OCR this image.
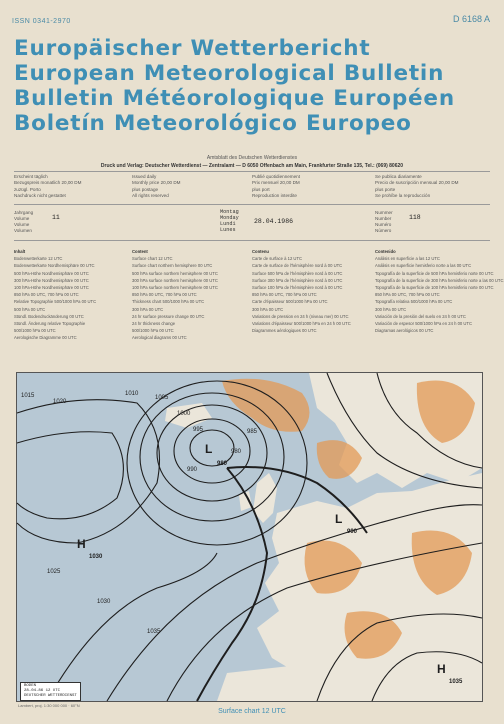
ISSN 0341-2970	D 6168 A
Europäischer Wetterbericht
European Meteorological Bulletin
Bulletin Météorologique Européen
Boletín Meteorológico Europeo
Amtsblatt des Deutschen Wetterdienstes
Druck und Verlag: Deutscher Wetterdienst — Zentralamt — D 6050 Offenbach am Main, Frankfurter Straße 135, Tel.: (069) 80620
Erscheint täglich
Bezugspreis monatlich 20,00 DM
zuzügl. Porto
Nachdruck nicht gestattet
Issued daily
Monthly price 20,00 DM
plus postage
All rights reserved
Publié quotidiennement
Prix mensuel 20,00 DM
plus port
Reproduction interdite
Se publica diariamente
Precio de suscripción mensual 20,00 DM
plus porte
Se prohíbe la reproducción
Jahrgang
Volume
Volume
Volumen
11
Montag
Monday
Lundi
Lunes
28.04.1986
Nummer
Number
Numéro
Número
118
Inhalt
Bodenwetterkarte 12 UTC
Bodenwetterkarte Nordhemisphäre 00 UTC
500 hPa-Höhe Nordhemisphäre 00 UTC
300 hPa-Höhe Nordhemisphäre 00 UTC
100 hPa-Höhe Nordhemisphäre 00 UTC
850 hPa 00 UTC, 700 hPa 00 UTC
Relative Topographie 500/1000 hPa 00 UTC
500 hPa 00 UTC
Stündl. Bodendruckänderung 00 UTC
Stündl. Änderung relative Topographie
500/1000 hPa 00 UTC
Aerologische Diagramme 00 UTC
Content
Surface chart 12 UTC
Surface chart northern hemisphere 00 UTC
500 hPa surface northern hemisphere 00 UTC
300 hPa surface northern hemisphere 00 UTC
100 hPa surface northern hemisphere 00 UTC
850 hPa 00 UTC, 700 hPa 00 UTC
Thickness chart 500/1000 hPa 00 UTC
300 hPa 00 UTC
24 hr surface pressure change 00 UTC
24 hr thickness change
500/1000 hPa 00 UTC
Aerological diagrams 00 UTC
Contenu
Carte de surface à 12 UTC
Carte de surface de l'hémisphère nord à 00 UTC
Surface 500 hPa de l'hémisphère nord à 00 UTC
Surface 300 hPa de l'hémisphère nord à 00 UTC
Surface 100 hPa de l'hémisphère nord à 00 UTC
850 hPa 00 UTC, 700 hPa 00 UTC
Carte d'épaisseur 500/1000 hPa 00 UTC
300 hPa 00 UTC
Variations de pression en 24 h (niveau mer) 00 UTC
Variations d'épaisseur 500/1000 hPa en 24 h 00 UTC
Diagrammes aérologiques 00 UTC
Contenido
Análisis en superficie a las 12 UTC
Análisis en superficie hemisferio norte a las 00 UTC
Topografía de la superficie de 500 hPa hemisferio norte 00 UTC
Topografía de la superficie de 300 hPa hemisferio norte a las 00 UTC
Topografía de la superficie de 100 hPa hemisferio norte 00 UTC
850 hPa 00 UTC, 700 hPa 00 UTC
Topografía relativa 500/1000 hPa 00 UTC
300 hPa 00 UTC
Variación de la presión del suelo en 24 h 00 UTC
Variación de espesor 500/1000 hPa en 24 h 00 UTC
Diagramas aerológicos 00 UTC
1015
1020
1010
1005
1000
995
990
985
980
1025
1030
1035
L
980
L
990
H
1030
H
1035
BODEN
28-04-86 12 UTC
DEUTSCHER WETTERDIENST
Lambert, proj. 1:30 000 000 · 60°N
Surface chart 12 UTC
